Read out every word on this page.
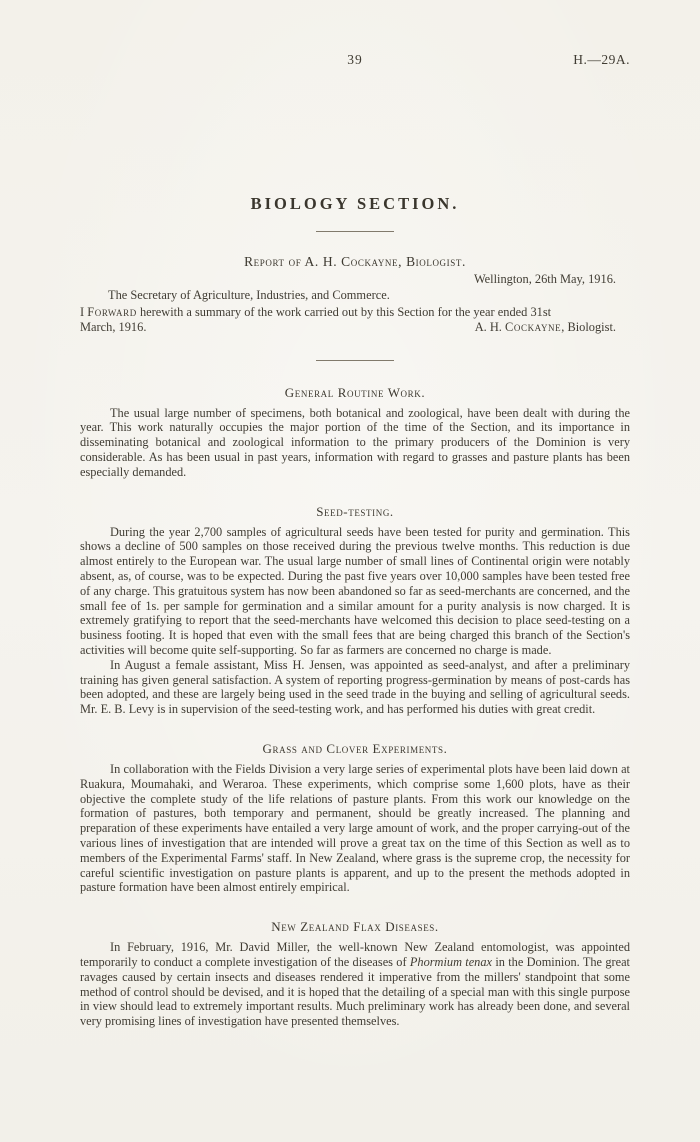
39	H.—29A.
BIOLOGY SECTION.
Report of A. H. Cockayne, Biologist.
Wellington, 26th May, 1916.
The Secretary of Agriculture, Industries, and Commerce.

I Forward herewith a summary of the work carried out by this Section for the year ended 31st

March, 1916.	A. H. Cockayne, Biologist.
General Routine Work.

The usual large number of specimens, both botanical and zoological, have been dealt with during the year. This work naturally occupies the major portion of the time of the Section, and its importance in disseminating botanical and zoological information to the primary producers of the Dominion is very considerable. As has been usual in past years, information with regard to grasses and pasture plants has been especially demanded.

Seed-testing.

During the year 2,700 samples of agricultural seeds have been tested for purity and germination. This shows a decline of 500 samples on those received during the previous twelve months. This reduction is due almost entirely to the European war. The usual large number of small lines of Continental origin were notably absent, as, of course, was to be expected. During the past five years over 10,000 samples have been tested free of any charge. This gratuitous system has now been abandoned so far as seed-merchants are concerned, and the small fee of 1s. per sample for germination and a similar amount for a purity analysis is now charged. It is extremely gratifying to report that the seed-merchants have welcomed this decision to place seed-testing on a business footing. It is hoped that even with the small fees that are being charged this branch of the Section's activities will become quite self-supporting. So far as farmers are concerned no charge is made.

In August a female assistant, Miss H. Jensen, was appointed as seed-analyst, and after a preliminary training has given general satisfaction. A system of reporting progress-germination by means of post-cards has been adopted, and these are largely being used in the seed trade in the buying and selling of agricultural seeds. Mr. E. B. Levy is in supervision of the seed-testing work, and has performed his duties with great credit.

Grass and Clover Experiments.

In collaboration with the Fields Division a very large series of experimental plots have been laid down at Ruakura, Moumahaki, and Weraroa. These experiments, which comprise some 1,600 plots, have as their objective the complete study of the life relations of pasture plants. From this work our knowledge on the formation of pastures, both temporary and permanent, should be greatly increased. The planning and preparation of these experiments have entailed a very large amount of work, and the proper carrying-out of the various lines of investigation that are intended will prove a great tax on the time of this Section as well as to members of the Experimental Farms' staff. In New Zealand, where grass is the supreme crop, the necessity for careful scientific investigation on pasture plants is apparent, and up to the present the methods adopted in pasture formation have been almost entirely empirical.

New Zealand Flax Diseases.

In February, 1916, Mr. David Miller, the well-known New Zealand entomologist, was appointed temporarily to conduct a complete investigation of the diseases of Phormium tenax in the Dominion. The great ravages caused by certain insects and diseases rendered it imperative from the millers' standpoint that some method of control should be devised, and it is hoped that the detailing of a special man with this single purpose in view should lead to extremely important results. Much preliminary work has already been done, and several very promising lines of investigation have presented themselves.
